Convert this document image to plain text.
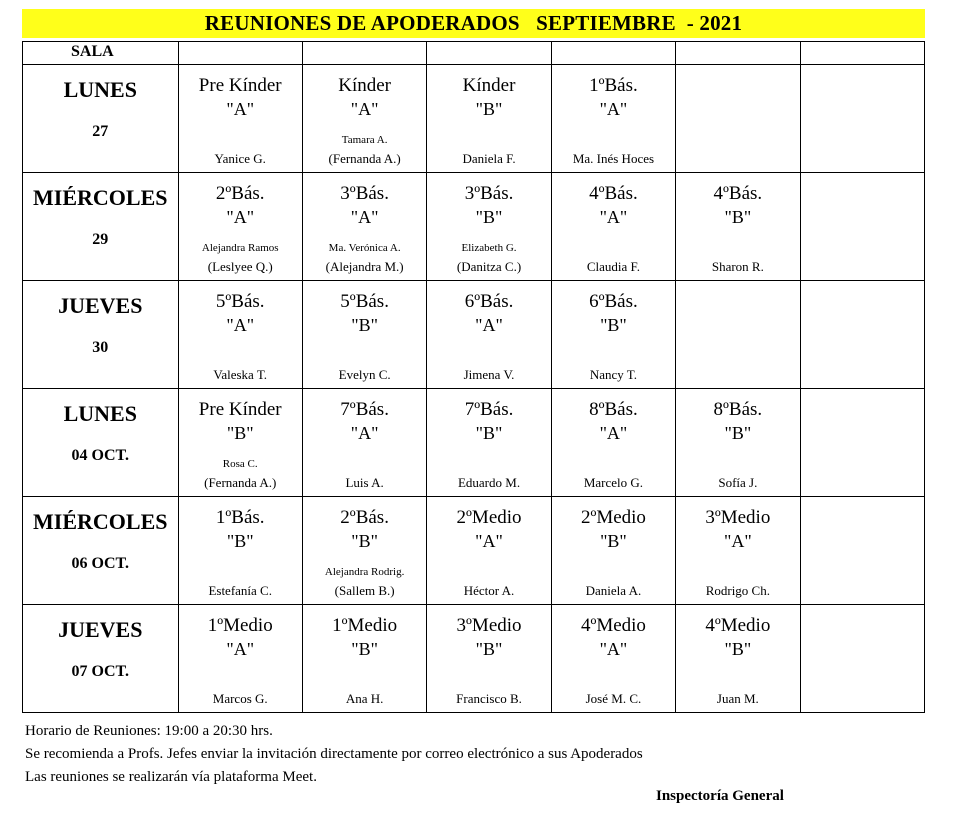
REUNIONES DE APODERADOS   SEPTIEMBRE  - 2021
SALA						

LUNES
27	Pre Kínder
"A"
Yanice G.	Kínder
"A"
Tamara A.
(Fernanda A.)	Kínder
"B"
Daniela F.	1ºBás.
"A"
Ma. Inés Hoces		

MIÉRCOLES
29	2ºBás.
"A"
Alejandra Ramos
(Leslyee Q.)	3ºBás.
"A"
Ma. Verónica A.
(Alejandra M.)	3ºBás.
"B"
Elizabeth G.
(Danitza C.)	4ºBás.
"A"
Claudia F.	4ºBás.
"B"
Sharon R.	

JUEVES
30	5ºBás.
"A"
Valeska T.	5ºBás.
"B"
Evelyn C.	6ºBás.
"A"
Jimena V.	6ºBás.
"B"
Nancy T.		

LUNES
04 OCT.	Pre Kínder
"B"
Rosa C.
(Fernanda A.)	7ºBás.
"A"
Luis A.	7ºBás.
"B"
Eduardo M.	8ºBás.
"A"
Marcelo G.	8ºBás.
"B"
Sofía J.	

MIÉRCOLES
06 OCT.	1ºBás.
"B"
Estefanía C.	2ºBás.
"B"
Alejandra Rodrig.
(Sallem B.)	2ºMedio
"A"
Héctor A.	2ºMedio
"B"
Daniela A.	3ºMedio
"A"
Rodrigo Ch.	

JUEVES
07 OCT.	1ºMedio
"A"
Marcos G.	1ºMedio
"B"
Ana H.	3ºMedio
"B"
Francisco B.	4ºMedio
"A"
José M. C.	4ºMedio
"B"
Juan M.	

Horario de Reuniones: 19:00 a 20:30 hrs.
Se recomienda a Profs. Jefes enviar la invitación directamente por correo electrónico a sus Apoderados
Las reuniones se realizarán vía plataforma Meet.
Inspectoría General
